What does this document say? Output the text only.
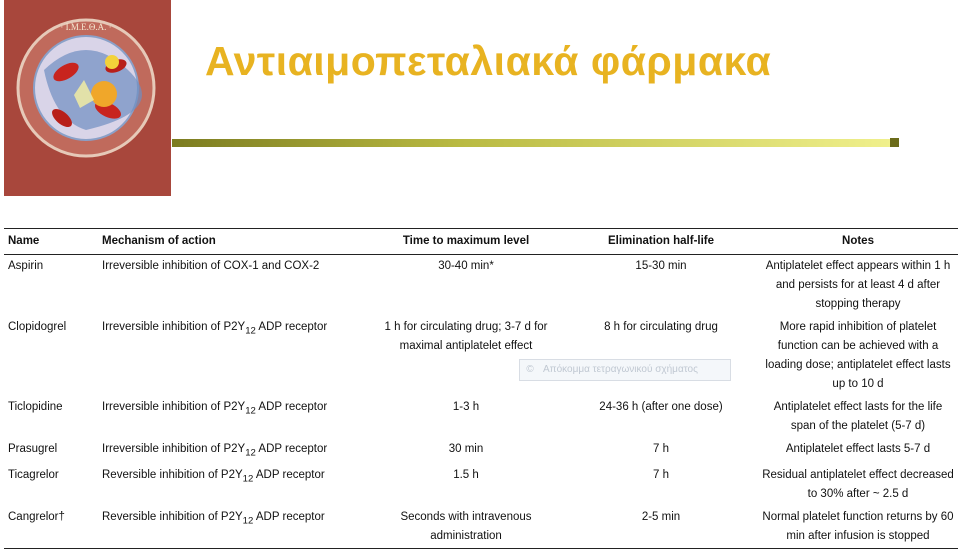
· I.M.E.Θ.A. ·
Αντιαιμοπεταλιακά φάρμακα
Name	Mechanism of action	Time to maximum level	Elimination half-life	Notes
Aspirin	Irreversible inhibition of COX-1 and COX-2	30-40 min*	15-30 min	Antiplatelet effect appears within 1 h and persists for at least 4 d after stopping therapy
Clopidogrel	Irreversible inhibition of $P2Y_{12}$ ADP receptor	1 h for circulating drug; 3-7 d for maximal antiplatelet effect	8 h for circulating drug	More rapid inhibition of platelet function can be achieved with a loading dose; antiplatelet effect lasts up to 10 d
Ticlopidine	Irreversible inhibition of $P2Y_{12}$ ADP receptor	1-3 h	24-36 h (after one dose)	Antiplatelet effect lasts for the life span of the platelet (5-7 d)
Prasugrel	Irreversible inhibition of $P2Y_{12}$ ADP receptor	30 min	7 h	Antiplatelet effect lasts 5-7 d
Ticagrelor	Reversible inhibition of $P2Y_{12}$ ADP receptor	1.5 h	7 h	Residual antiplatelet effect decreased to 30% after ~ 2.5 d
Cangrelor†	Reversible inhibition of $P2Y_{12}$ ADP receptor	Seconds with intravenous administration	2-5 min	Normal platelet function returns by 60 min after infusion is stopped
© Απόκομμα τετραγωνικού σχήματος
